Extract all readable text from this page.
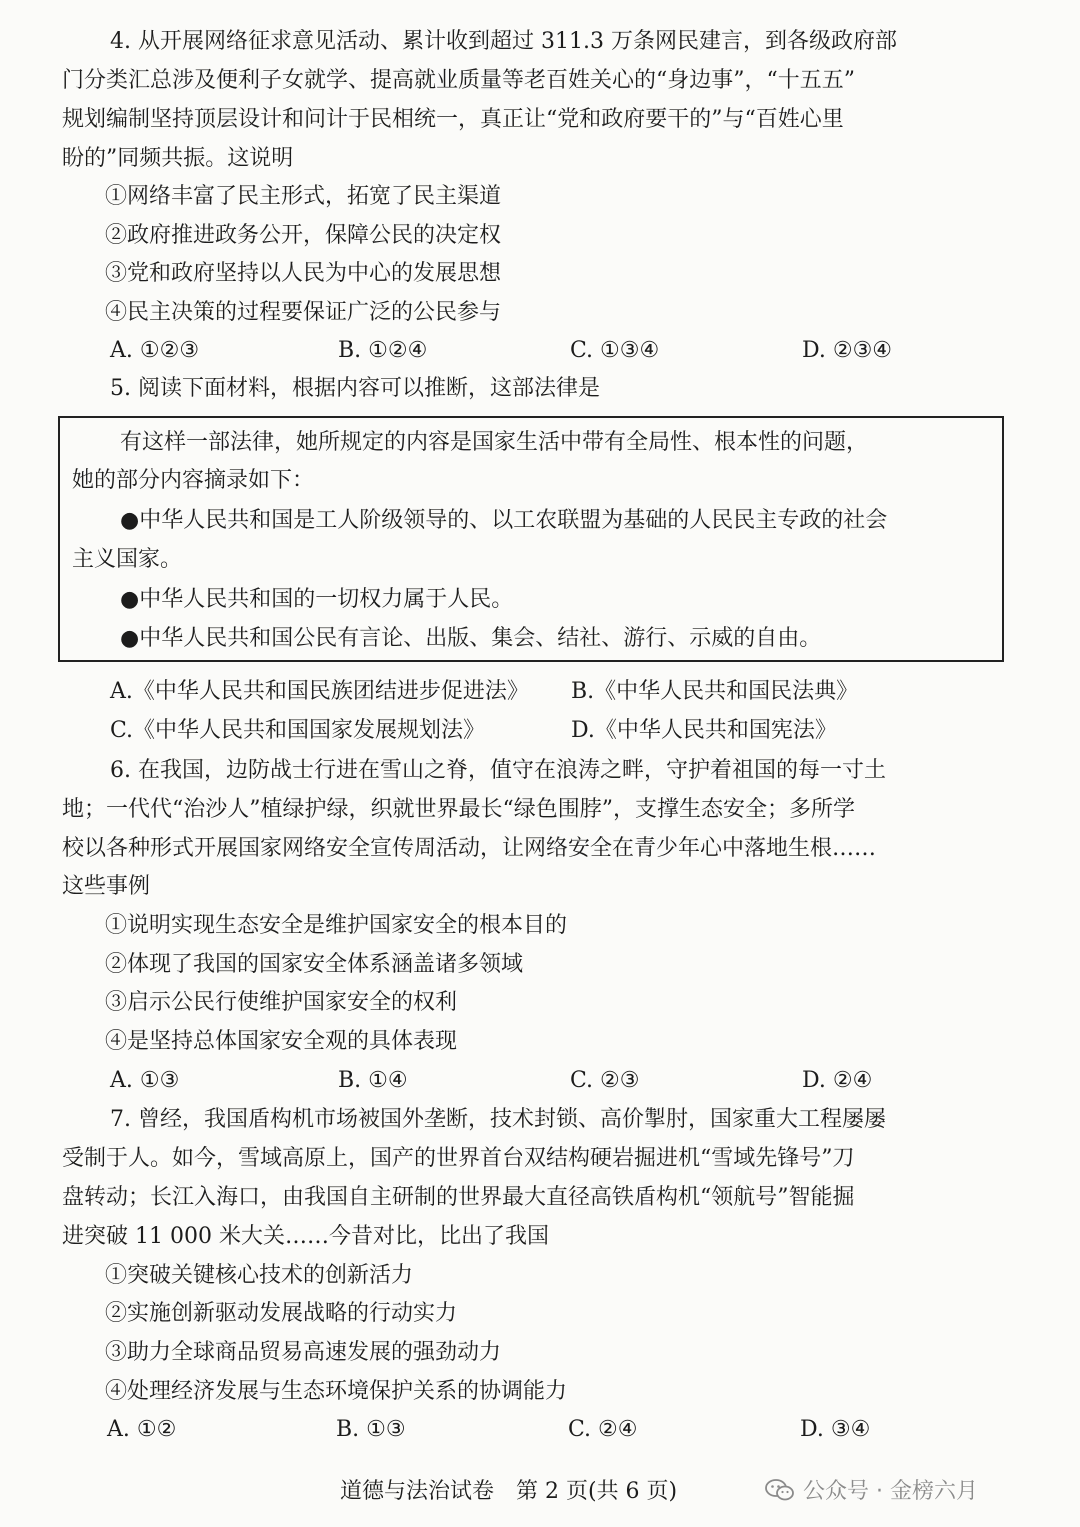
4. 从开展网络征求意见活动、累计收到超过 311.3 万条网民建言，到各级政府部
门分类汇总涉及便利子女就学、提高就业质量等老百姓关心的“身边事”，“十五五”
规划编制坚持顶层设计和问计于民相统一，真正让“党和政府要干的”与“百姓心里
盼的”同频共振。这说明
①网络丰富了民主形式，拓宽了民主渠道
②政府推进政务公开，保障公民的决定权
③党和政府坚持以人民为中心的发展思想
④民主决策的过程要保证广泛的公民参与
A. ①②③	B. ①②④	C. ①③④	D. ②③④
5. 阅读下面材料，根据内容可以推断，这部法律是
有这样一部法律，她所规定的内容是国家生活中带有全局性、根本性的问题，
她的部分内容摘录如下：
●中华人民共和国是工人阶级领导的、以工农联盟为基础的人民民主专政的社会
主义国家。
●中华人民共和国的一切权力属于人民。
●中华人民共和国公民有言论、出版、集会、结社、游行、示威的自由。
A.《中华人民共和国民族团结进步促进法》 B.《中华人民共和国民法典》
C.《中华人民共和国国家发展规划法》	D.《中华人民共和国宪法》
6. 在我国，边防战士行进在雪山之脊，值守在浪涛之畔，守护着祖国的每一寸土
地；一代代“治沙人”植绿护绿，织就世界最长“绿色围脖”，支撑生态安全；多所学
校以各种形式开展国家网络安全宣传周活动，让网络安全在青少年心中落地生根……
这些事例
①说明实现生态安全是维护国家安全的根本目的
②体现了我国的国家安全体系涵盖诸多领域
③启示公民行使维护国家安全的权利
④是坚持总体国家安全观的具体表现
A. ①③	B. ①④	C. ②③	D. ②④
7. 曾经，我国盾构机市场被国外垄断，技术封锁、高价掣肘，国家重大工程屡屡
受制于人。如今，雪域高原上，国产的世界首台双结构硬岩掘进机“雪域先锋号”刀
盘转动；长江入海口，由我国自主研制的世界最大直径高铁盾构机“领航号”智能掘
进突破 11 000 米大关……今昔对比，比出了我国
①突破关键核心技术的创新活力
②实施创新驱动发展战略的行动实力
③助力全球商品贸易高速发展的强劲动力
④处理经济发展与生态环境保护关系的协调能力
A. ①②	B. ①③	C. ②④	D. ③④
道德与法治试卷　第 2 页(共 6 页)	公众号 · 金榜六月
